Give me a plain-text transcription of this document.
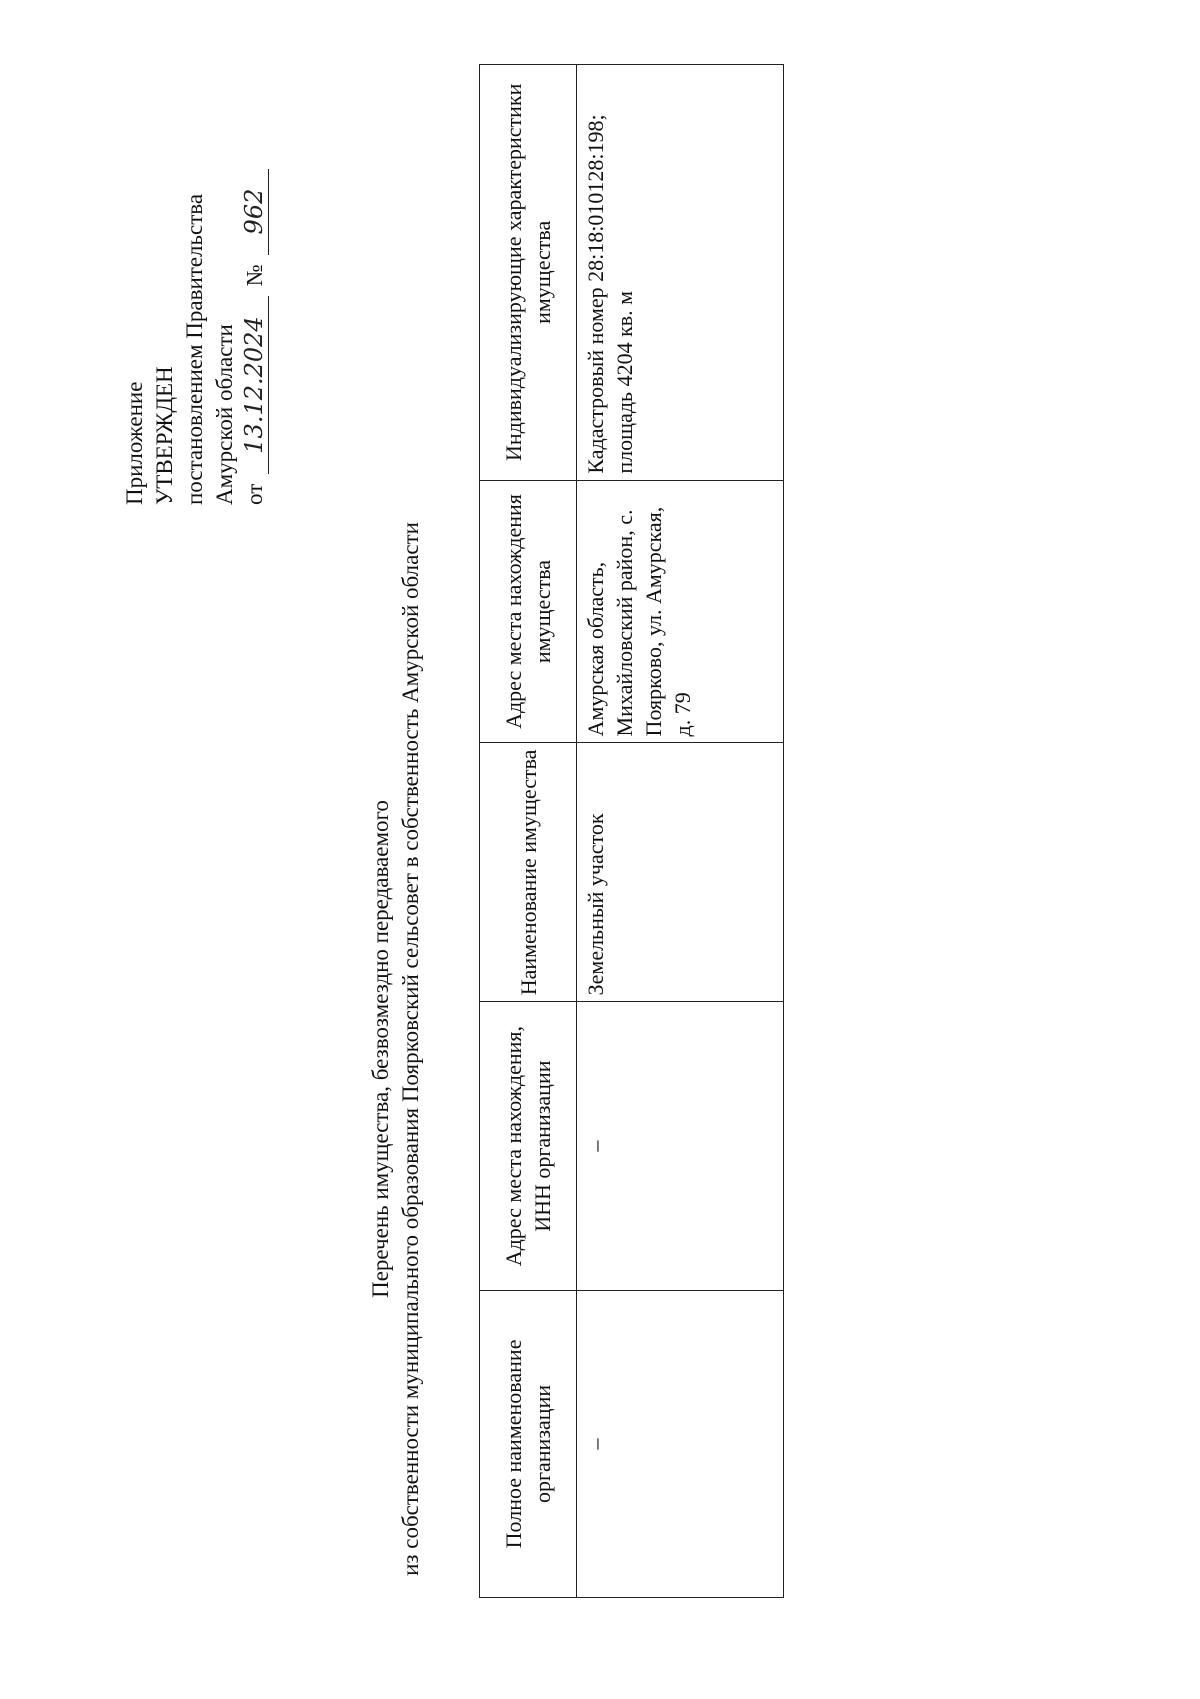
Приложение УТВЕРЖДЕН постановлением Правительства Амурской области от 13.12.2024 № 962
Перечень имущества, безвозмездно передаваемого из собственности муниципального образования Поярковский сельсовет в собственность Амурской области	Полное наименование организации	Адрес места нахождения, ИНН организации	Наименование имущества	Адрес места нахождения имущества	Индивидуализирующие характеристики имущества
–	–	Земельный участок	Амурская область, Михайловский район, с. Поярково, ул. Амурская, д. 79	Кадастровый номер 28:18:010128:198; площадь 4204 кв. м
